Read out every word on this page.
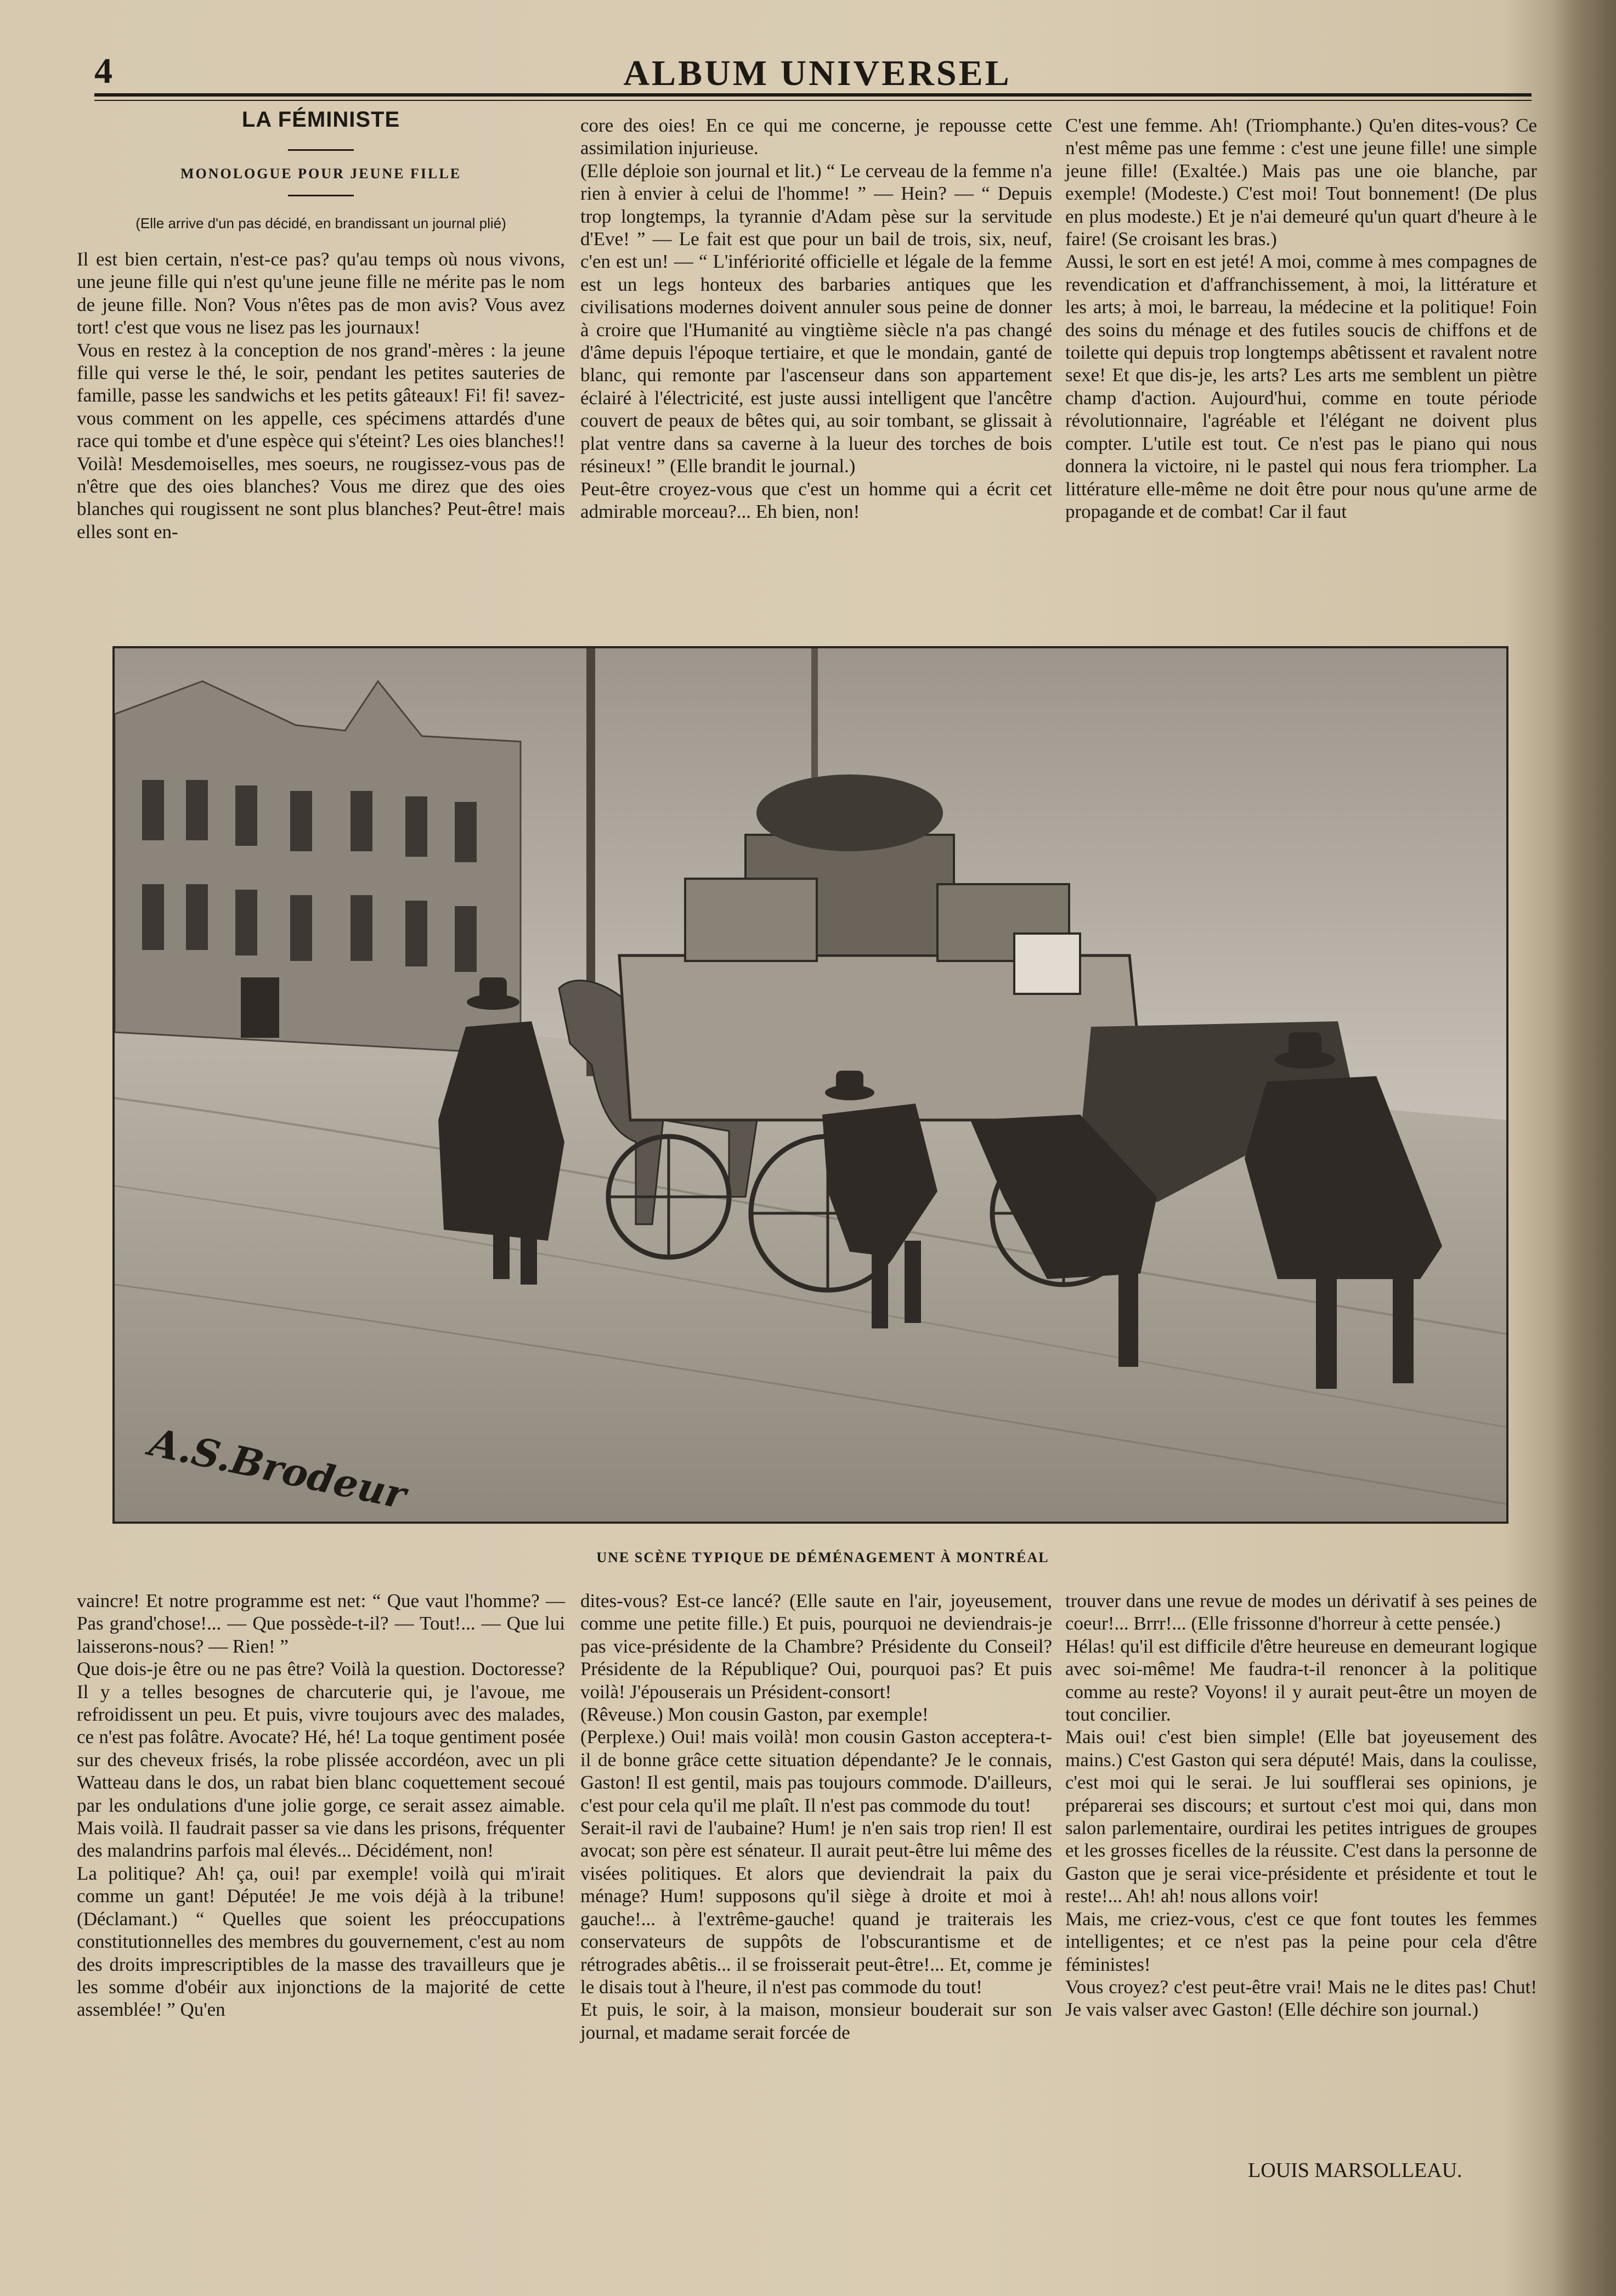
4	ALBUM UNIVERSEL
LA FÉMINISTE
MONOLOGUE POUR JEUNE FILLE
(Elle arrive d'un pas décidé, en brandissant un journal plié)
Il est bien certain, n'est-ce pas? qu'au temps où nous vivons, une jeune fille qui n'est qu'une jeune fille ne mérite pas le nom de jeune fille. Non? Vous n'êtes pas de mon avis? Vous avez tort! c'est que vous ne lisez pas les journaux!
Vous en restez à la conception de nos grand'-mères : la jeune fille qui verse le thé, le soir, pendant les petites sauteries de famille, passe les sandwichs et les petits gâteaux! Fi! fi! savez-vous comment on les appelle, ces spécimens attardés d'une race qui tombe et d'une espèce qui s'éteint? Les oies blanches!! Voilà! Mesdemoiselles, mes soeurs, ne rougissez-vous pas de n'être que des oies blanches? Vous me direz que des oies blanches qui rougissent ne sont plus blanches? Peut-être! mais elles sont en-
core des oies! En ce qui me concerne, je repousse cette assimilation injurieuse.
(Elle déploie son journal et lit.) “ Le cerveau de la femme n'a rien à envier à celui de l'homme! ” — Hein? — “ Depuis trop longtemps, la tyrannie d'Adam pèse sur la servitude d'Eve! ” — Le fait est que pour un bail de trois, six, neuf, c'en est un! — “ L'infériorité officielle et légale de la femme est un legs honteux des barbaries antiques que les civilisations modernes doivent annuler sous peine de donner à croire que l'Humanité au vingtième siècle n'a pas changé d'âme depuis l'époque tertiaire, et que le mondain, ganté de blanc, qui remonte par l'ascenseur dans son appartement éclairé à l'électricité, est juste aussi intelligent que l'ancêtre couvert de peaux de bêtes qui, au soir tombant, se glissait à plat ventre dans sa caverne à la lueur des torches de bois résineux! ” (Elle brandit le journal.)
Peut-être croyez-vous que c'est un homme qui a écrit cet admirable morceau?... Eh bien, non!
C'est une femme. Ah! (Triomphante.) Qu'en dites-vous? Ce n'est même pas une femme : c'est une jeune fille! une simple jeune fille! (Exaltée.) Mais pas une oie blanche, par exemple! (Modeste.) C'est moi! Tout bonnement! (De plus en plus modeste.) Et je n'ai demeuré qu'un quart d'heure à le faire! (Se croisant les bras.)
Aussi, le sort en est jeté! A moi, comme à mes compagnes de revendication et d'affranchissement, à moi, la littérature et les arts; à moi, le barreau, la médecine et la politique! Foin des soins du ménage et des futiles soucis de chiffons et de toilette qui depuis trop longtemps abêtissent et ravalent notre sexe! Et que dis-je, les arts? Les arts me semblent un piètre champ d'action. Aujourd'hui, comme en toute période révolutionnaire, l'agréable et l'élégant ne doivent plus compter. L'utile est tout. Ce n'est pas le piano qui nous donnera la victoire, ni le pastel qui nous fera triompher. La littérature elle-même ne doit être pour nous qu'une arme de propagande et de combat! Car il faut
A.S.Brodeur
UNE SCÈNE TYPIQUE DE DÉMÉNAGEMENT À MONTRÉAL
vaincre! Et notre programme est net: “ Que vaut l'homme? — Pas grand'chose!... — Que possède-t-il? — Tout!... — Que lui laisserons-nous? — Rien! ”
Que dois-je être ou ne pas être? Voilà la question. Doctoresse? Il y a telles besognes de charcuterie qui, je l'avoue, me refroidissent un peu. Et puis, vivre toujours avec des malades, ce n'est pas folâtre. Avocate? Hé, hé! La toque gentiment posée sur des cheveux frisés, la robe plissée accordéon, avec un pli Watteau dans le dos, un rabat bien blanc coquettement secoué par les ondulations d'une jolie gorge, ce serait assez aimable. Mais voilà. Il faudrait passer sa vie dans les prisons, fréquenter des malandrins parfois mal élevés... Décidément, non!
La politique? Ah! ça, oui! par exemple! voilà qui m'irait comme un gant! Députée! Je me vois déjà à la tribune! (Déclamant.) “ Quelles que soient les préoccupations constitutionnelles des membres du gouvernement, c'est au nom des droits imprescriptibles de la masse des travailleurs que je les somme d'obéir aux injonctions de la majorité de cette assemblée! ” Qu'en
dites-vous? Est-ce lancé? (Elle saute en l'air, joyeusement, comme une petite fille.) Et puis, pourquoi ne deviendrais-je pas vice-présidente de la Chambre? Présidente du Conseil? Présidente de la République? Oui, pourquoi pas? Et puis voilà! J'épouserais un Président-consort!
(Rêveuse.) Mon cousin Gaston, par exemple!
(Perplexe.) Oui! mais voilà! mon cousin Gaston acceptera-t-il de bonne grâce cette situation dépendante? Je le connais, Gaston! Il est gentil, mais pas toujours commode. D'ailleurs, c'est pour cela qu'il me plaît. Il n'est pas commode du tout!
Serait-il ravi de l'aubaine? Hum! je n'en sais trop rien! Il est avocat; son père est sénateur. Il aurait peut-être lui même des visées politiques. Et alors que deviendrait la paix du ménage? Hum! supposons qu'il siège à droite et moi à gauche!... à l'extrême-gauche! quand je traiterais les conservateurs de suppôts de l'obscurantisme et de rétrogrades abêtis... il se froisserait peut-être!... Et, comme je le disais tout à l'heure, il n'est pas commode du tout!
Et puis, le soir, à la maison, monsieur bouderait sur son journal, et madame serait forcée de
trouver dans une revue de modes un dérivatif à ses peines de coeur!... Brrr!... (Elle frissonne d'horreur à cette pensée.)
Hélas! qu'il est difficile d'être heureuse en demeurant logique avec soi-même! Me faudra-t-il renoncer à la politique comme au reste? Voyons! il y aurait peut-être un moyen de tout concilier.
Mais oui! c'est bien simple! (Elle bat joyeusement des mains.) C'est Gaston qui sera député! Mais, dans la coulisse, c'est moi qui le serai. Je lui soufflerai ses opinions, je préparerai ses discours; et surtout c'est moi qui, dans mon salon parlementaire, ourdirai les petites intrigues de groupes et les grosses ficelles de la réussite. C'est dans la personne de Gaston que je serai vice-présidente et présidente et tout le reste!... Ah! ah! nous allons voir!
Mais, me criez-vous, c'est ce que font toutes les femmes intelligentes; et ce n'est pas la peine pour cela d'être féministes!
Vous croyez? c'est peut-être vrai! Mais ne le dites pas! Chut! Je vais valser avec Gaston! (Elle déchire son journal.)
LOUIS MARSOLLEAU.
